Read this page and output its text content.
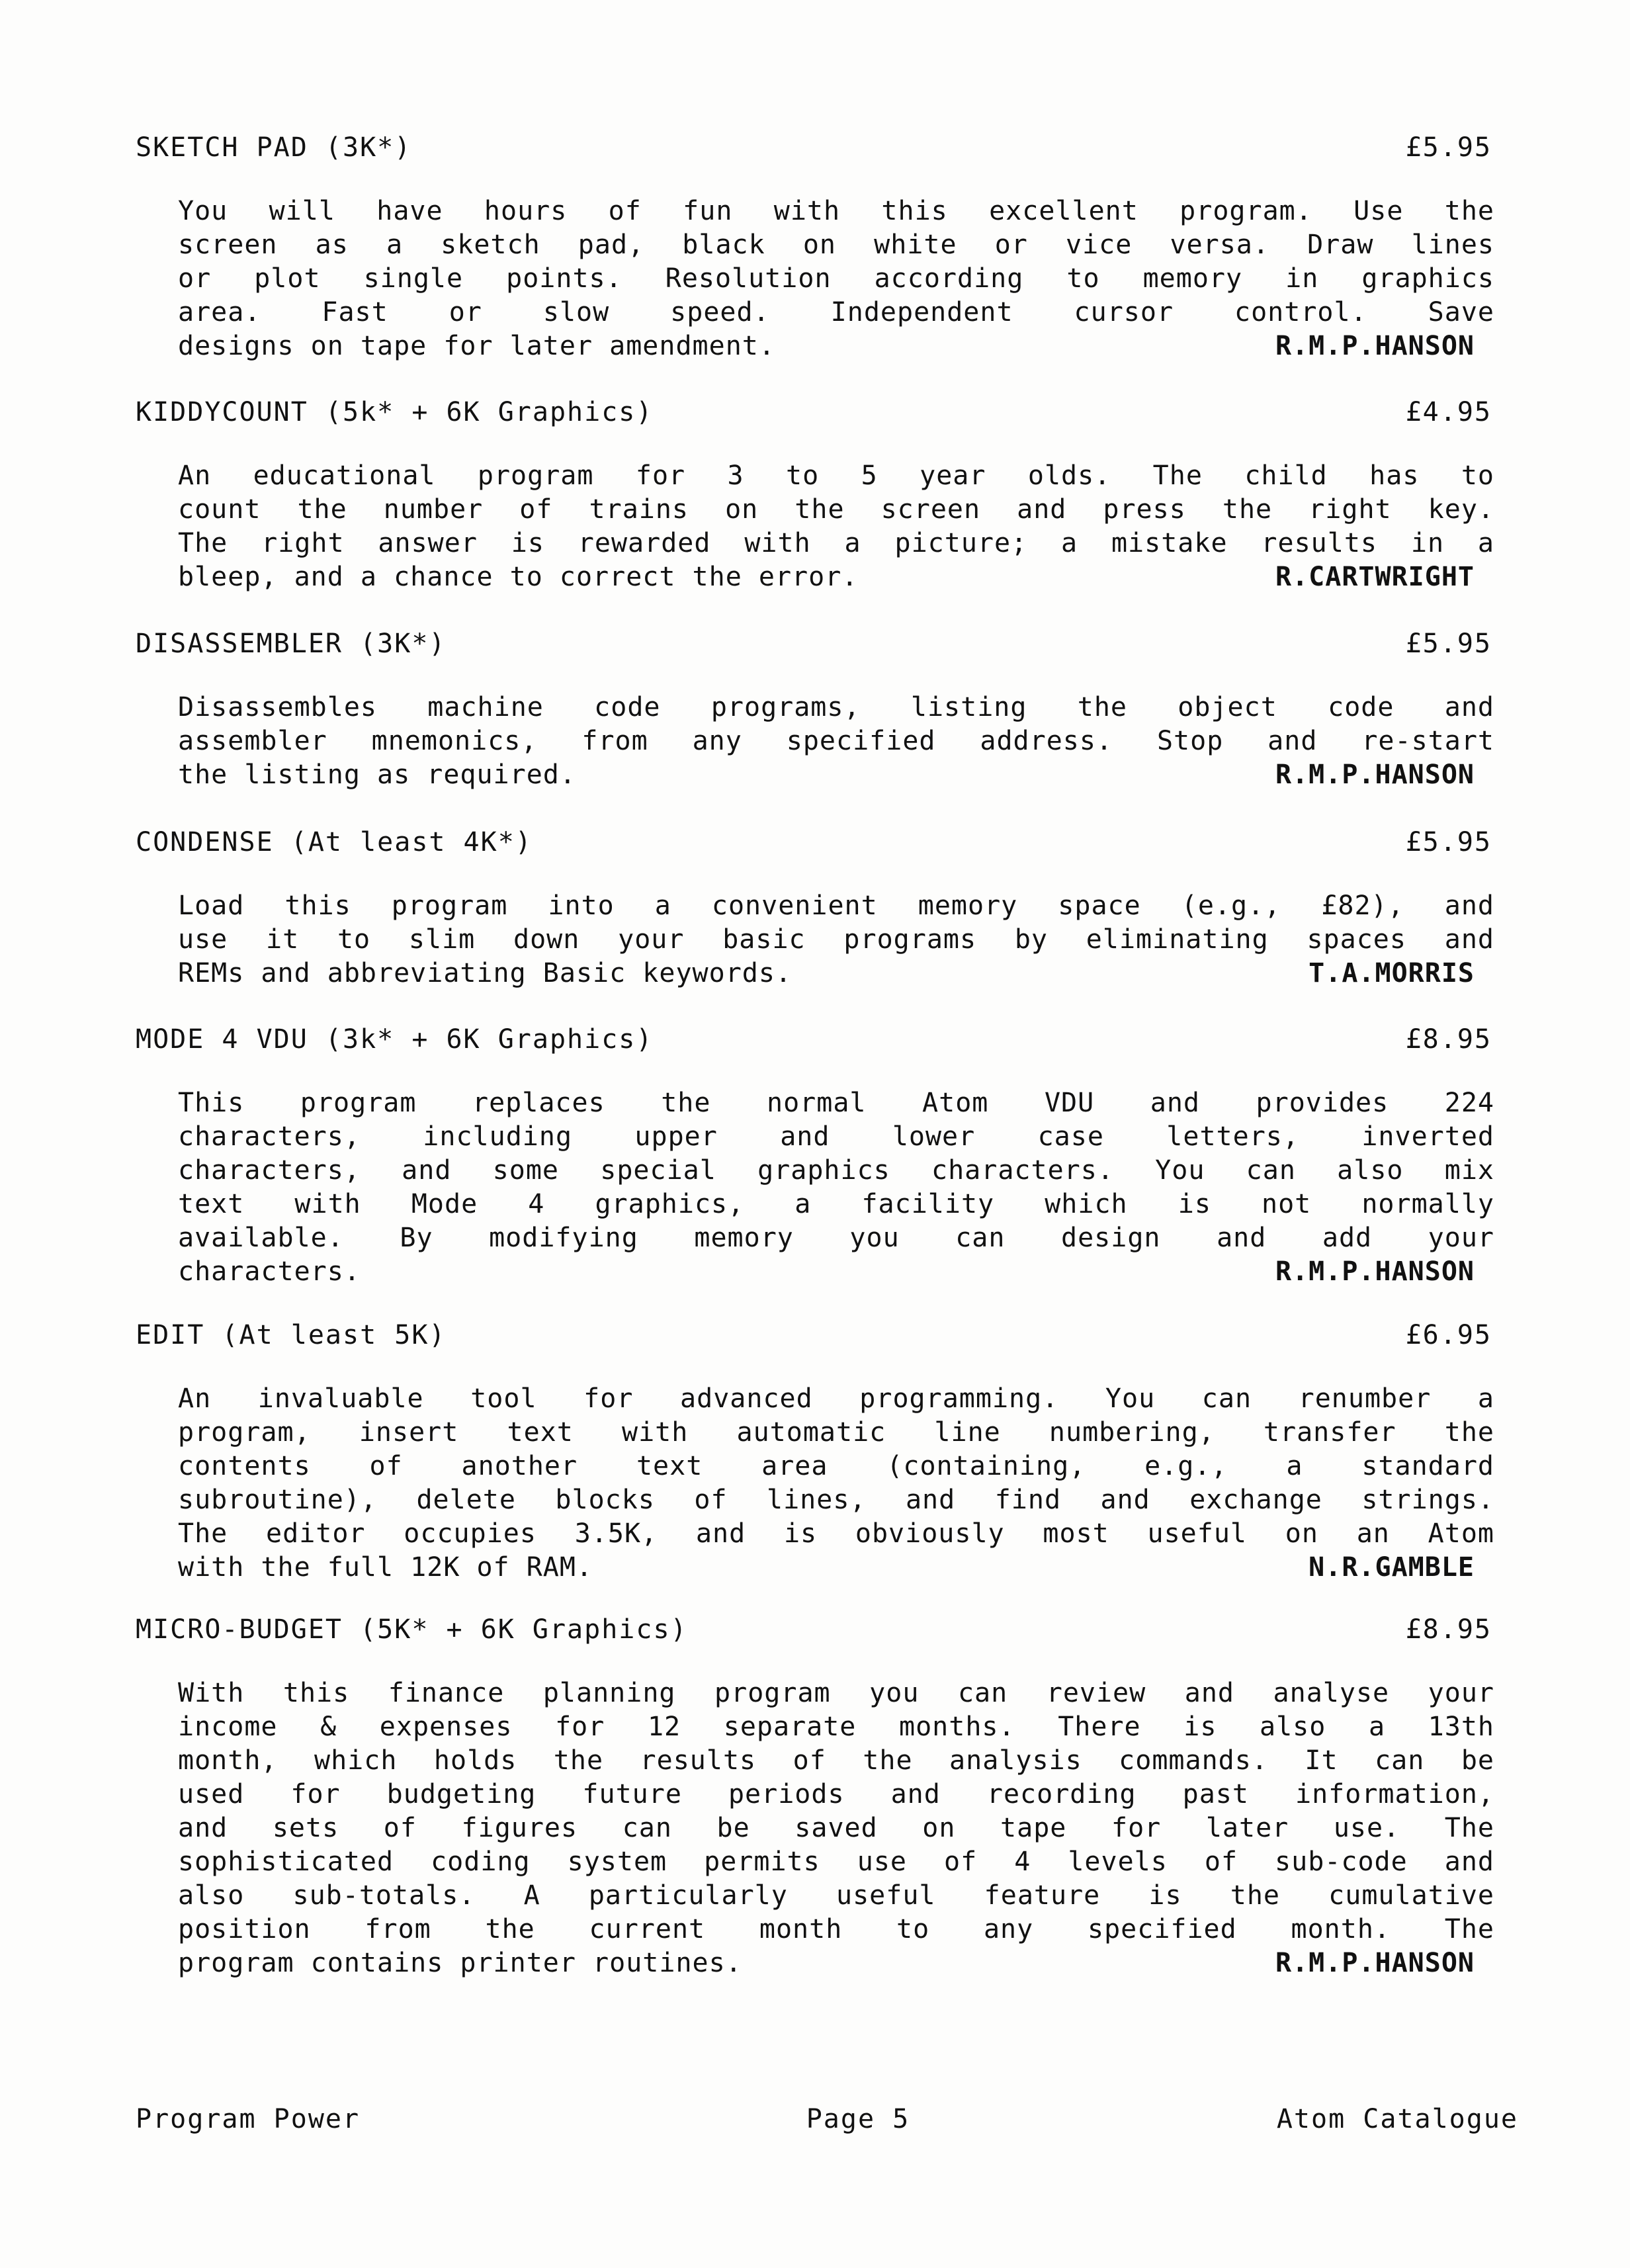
SKETCH PAD (3K*)	£5.95
You will have hours of fun with this excellent program. Use the
screen as a sketch pad, black on white or vice versa. Draw lines
or plot single points. Resolution according to memory in graphics
area. Fast or slow speed. Independent cursor control. Save
designs on tape for later amendment.	R.M.P.HANSON
KIDDYCOUNT (5k* + 6K Graphics)	£4.95
An educational program for 3 to 5 year olds. The child has to
count the number of trains on the screen and press the right key.
The right answer is rewarded with a picture; a mistake results in a
bleep, and a chance to correct the error.	R.CARTWRIGHT
DISASSEMBLER (3K*)	£5.95
Disassembles machine code programs, listing the object code and
assembler mnemonics, from any specified address. Stop and re-start
the listing as required.	R.M.P.HANSON
CONDENSE (At least 4K*)	£5.95
Load this program into a convenient memory space (e.g., £82), and
use it to slim down your basic programs by eliminating spaces and
REMs and abbreviating Basic keywords.	T.A.MORRIS
MODE 4 VDU (3k* + 6K Graphics)	£8.95
This program replaces the normal Atom VDU and provides 224
characters, including upper and lower case letters, inverted
characters, and some special graphics characters. You can also mix
text with Mode 4 graphics, a facility which is not normally
available. By modifying memory you can design and add your
characters.	R.M.P.HANSON
EDIT (At least 5K)	£6.95
An invaluable tool for advanced programming. You can renumber a
program, insert text with automatic line numbering, transfer the
contents of another text area (containing, e.g., a standard
subroutine), delete blocks of lines, and find and exchange strings.
The editor occupies 3.5K, and is obviously most useful on an Atom
with the full 12K of RAM.	N.R.GAMBLE
MICRO-BUDGET (5K* + 6K Graphics)	£8.95
With this finance planning program you can review and analyse your
income & expenses for 12 separate months. There is also a 13th
month, which holds the results of the analysis commands. It can be
used for budgeting future periods and recording past information,
and sets of figures can be saved on tape for later use. The
sophisticated coding system permits use of 4 levels of sub-code and
also sub-totals. A particularly useful feature is the cumulative
position from the current month to any specified month. The
program contains printer routines.	R.M.P.HANSON
Program Power	Page 5	Atom Catalogue
